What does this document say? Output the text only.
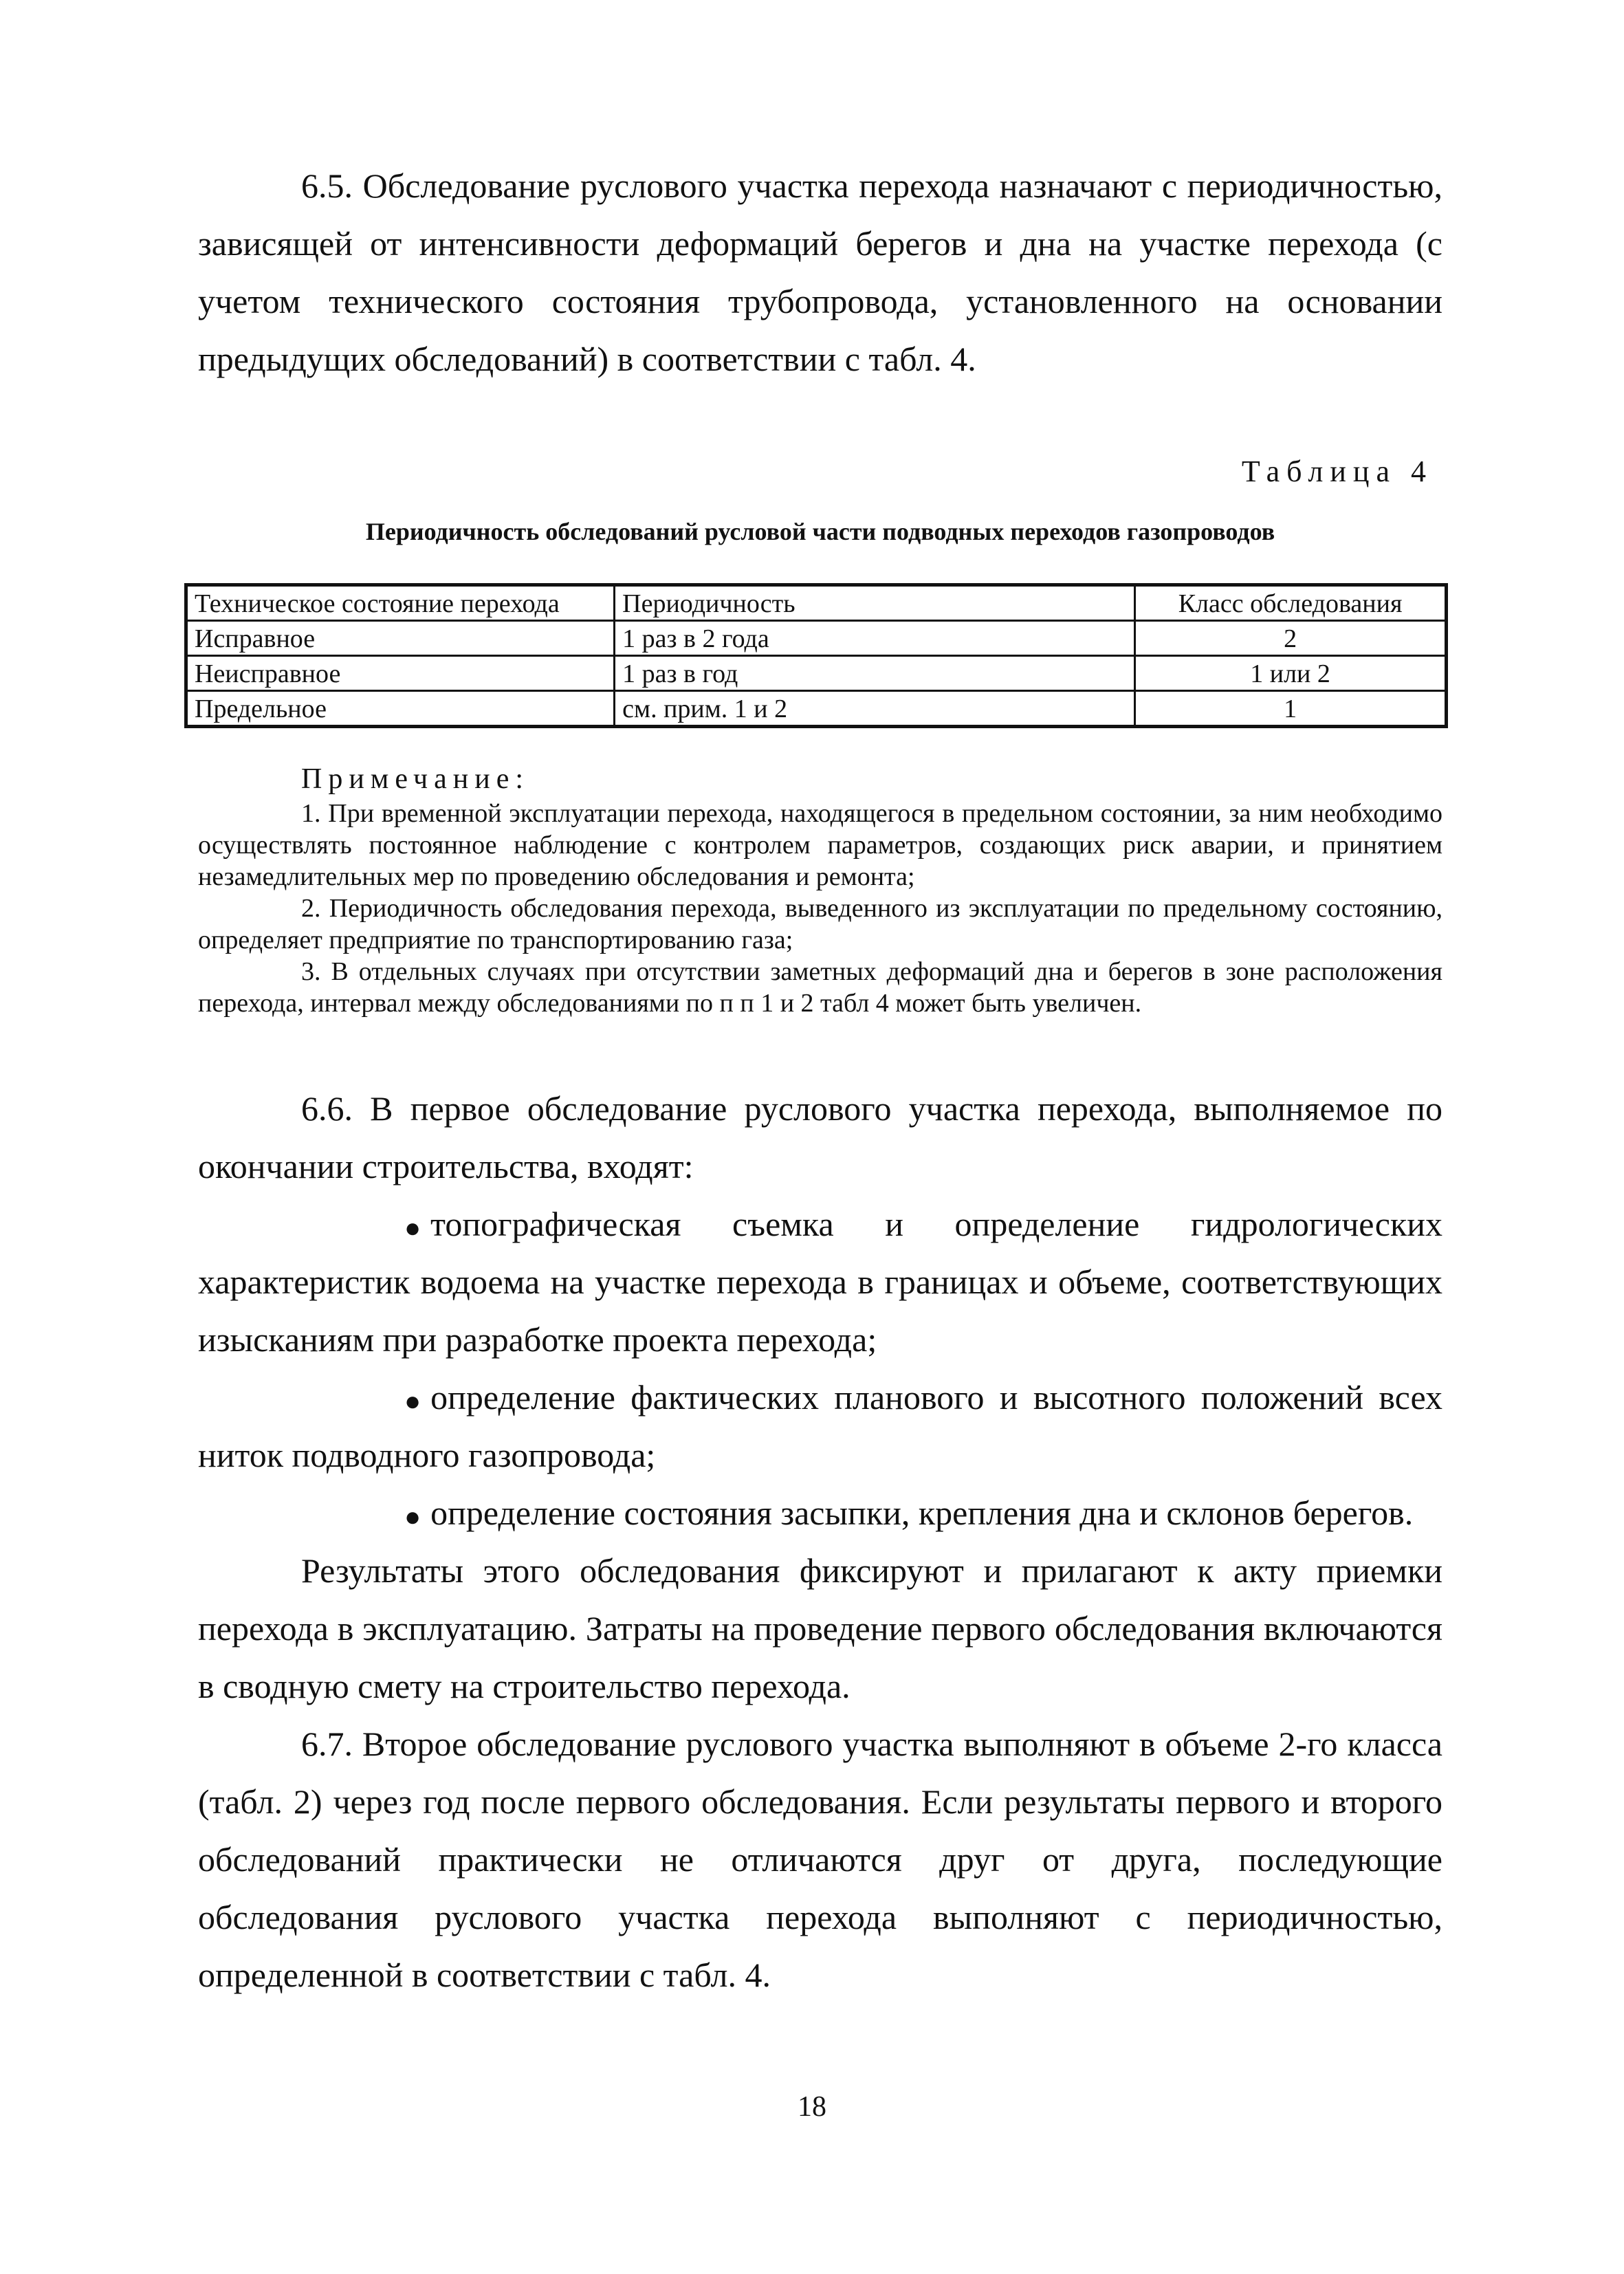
6.5. Обследование руслового участка перехода назначают с периодичностью, зависящей от интенсивности деформаций берегов и дна на участке перехода (с учетом технического состояния трубопровода, установленного на основании предыдущих обследований) в соответствии с табл. 4.

Таблица 4

Периодичность обследований русловой части подводных переходов газопроводов

Техническое состояние перехода	Периодичность	Класс обследования
Исправное	1 раз в 2 года	2
Неисправное	1 раз в год	1 или 2
Предельное	см. прим. 1 и 2	1

Примечание:

1. При временной эксплуатации перехода, находящегося в предельном состоянии, за ним необходимо осуществлять постоянное наблюдение с контролем параметров, создающих риск аварии, и принятием незамедлительных мер по проведению обследования и ремонта;

2. Периодичность обследования перехода, выведенного из эксплуатации по предельному состоянию, определяет предприятие по транспортированию газа;

3. В отдельных случаях при отсутствии заметных деформаций дна и берегов в зоне расположения перехода, интервал между обследованиями по п п 1 и 2 табл 4 может быть увеличен.

6.6. В первое обследование руслового участка перехода, выполняемое по окончании строительства, входят:

● топографическая съемка и определение гидрологических характеристик водоема на участке перехода в границах и объеме, соответствующих изысканиям при разработке проекта перехода;

● определение фактических планового и высотного положений всех ниток подводного газопровода;

● определение состояния засыпки, крепления дна и склонов берегов.

Результаты этого обследования фиксируют и прилагают к акту приемки перехода в эксплуатацию. Затраты на проведение первого обследования включаются в сводную смету на строительство перехода.

6.7. Второе обследование руслового участка выполняют в объеме 2-го класса (табл. 2) через год после первого обследования. Если результаты первого и второго обследований практически не отличаются друг от друга, последующие обследования руслового участка перехода выполняют с периодичностью, определенной в соответствии с табл. 4.

18
